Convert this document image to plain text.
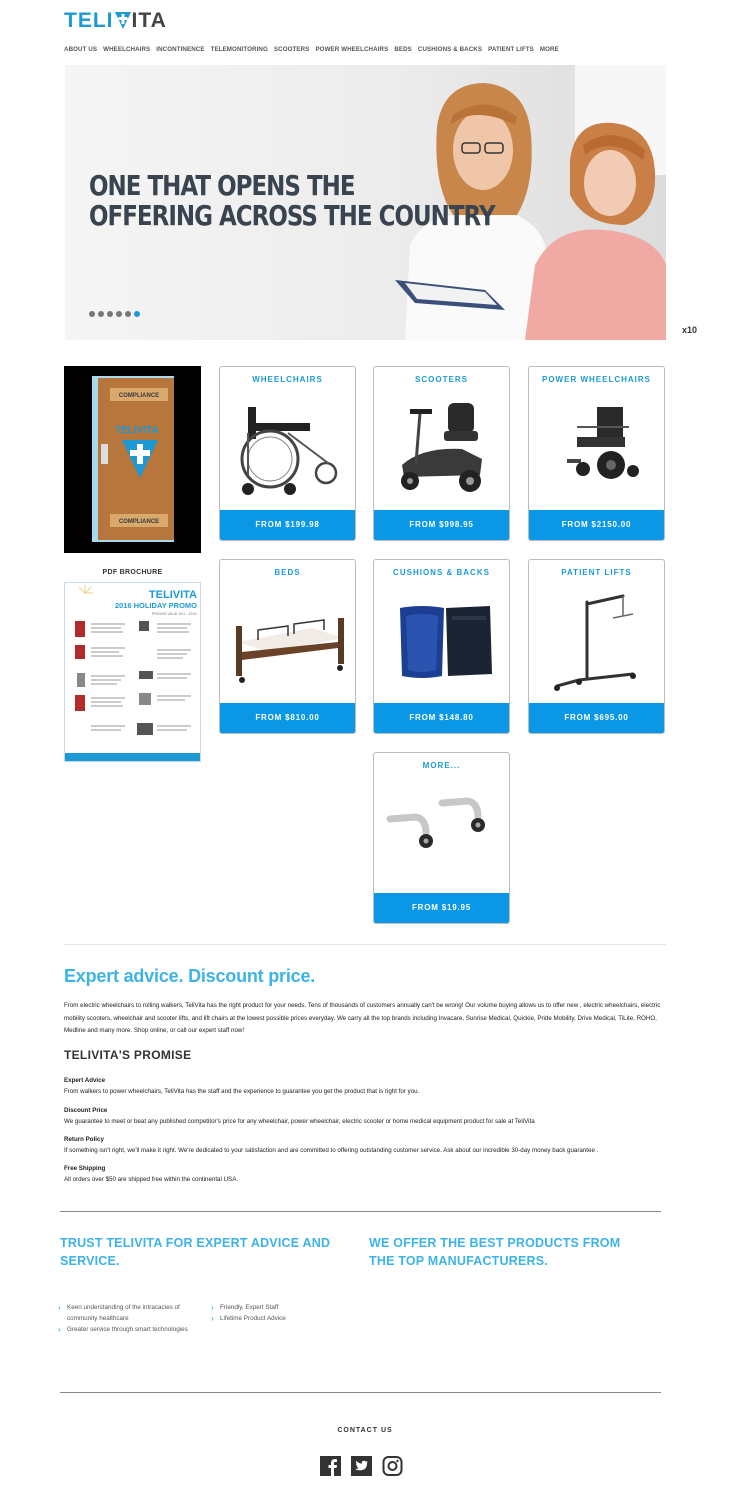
TELI ITA
ABOUT US WHEELCHAIRS INCONTINENCE TELEMONITORING SCOOTERS POWER WHEELCHAIRS BEDS CUSHIONS & BACKS PATIENT LIFTS MORE
ONE THAT OPENS THE
OFFERING ACROSS THE COUNTRY
x10
COMPLIANCE
TELIVITA
COMPLIANCE
PDF BROCHURE
TELIVITA
2016 HOLIDAY PROMO
PRICING VALID 10/1 - 12/31
WHEELCHAIRS
FROM $199.98
SCOOTERS
FROM $998.95
POWER WHEELCHAIRS
FROM $2150.00
BEDS
FROM $810.00
CUSHIONS & BACKS
FROM $148.80
PATIENT LIFTS
FROM $695.00
MORE...
FROM $19.95
Expert advice. Discount price.

From electric wheelchairs to rolling walkers, TeliVita has the right product for your needs. Tens of thousands of customers annually can't be wrong! Our volume buying allows us to offer new , electric wheelchairs, electric mobility scooters, wheelchair and scooter lifts, and lift chairs at the lowest possible prices everyday. We carry all the top brands including Invacare, Sunrise Medical, Quickie, Pride Mobility, Drive Medical, TiLite, ROHO, Medline and many more. Shop online, or call our expert staff now!

TELIVITA'S PROMISE
Expert Advice
From walkers to power wheelchairs, TeliVita has the staff and the experience to guarantee you get the product that is right for you.
Discount Price
We guarantee to meet or beat any published competitor's price for any wheelchair, power wheelchair, electric scooter or home medical equipment product for sale at TeliVita
Return Policy
If something isn't right, we'll make it right. We're dedicated to your satisfaction and are committed to offering outstanding customer service. Ask about our incredible 30-day money back guarantee .
Free Shipping
All orders over $50 are shipped free within the continental USA.
TRUST TELIVITA FOR EXPERT ADVICE AND SERVICE.
WE OFFER THE BEST PRODUCTS FROM THE TOP MANUFACTURERS.
› Keen understanding of the intracacies of community healthcare
› Greater service through smart technologies
› Friendly, Expert Staff
› Lifetime Product Advice
CONTACT US
